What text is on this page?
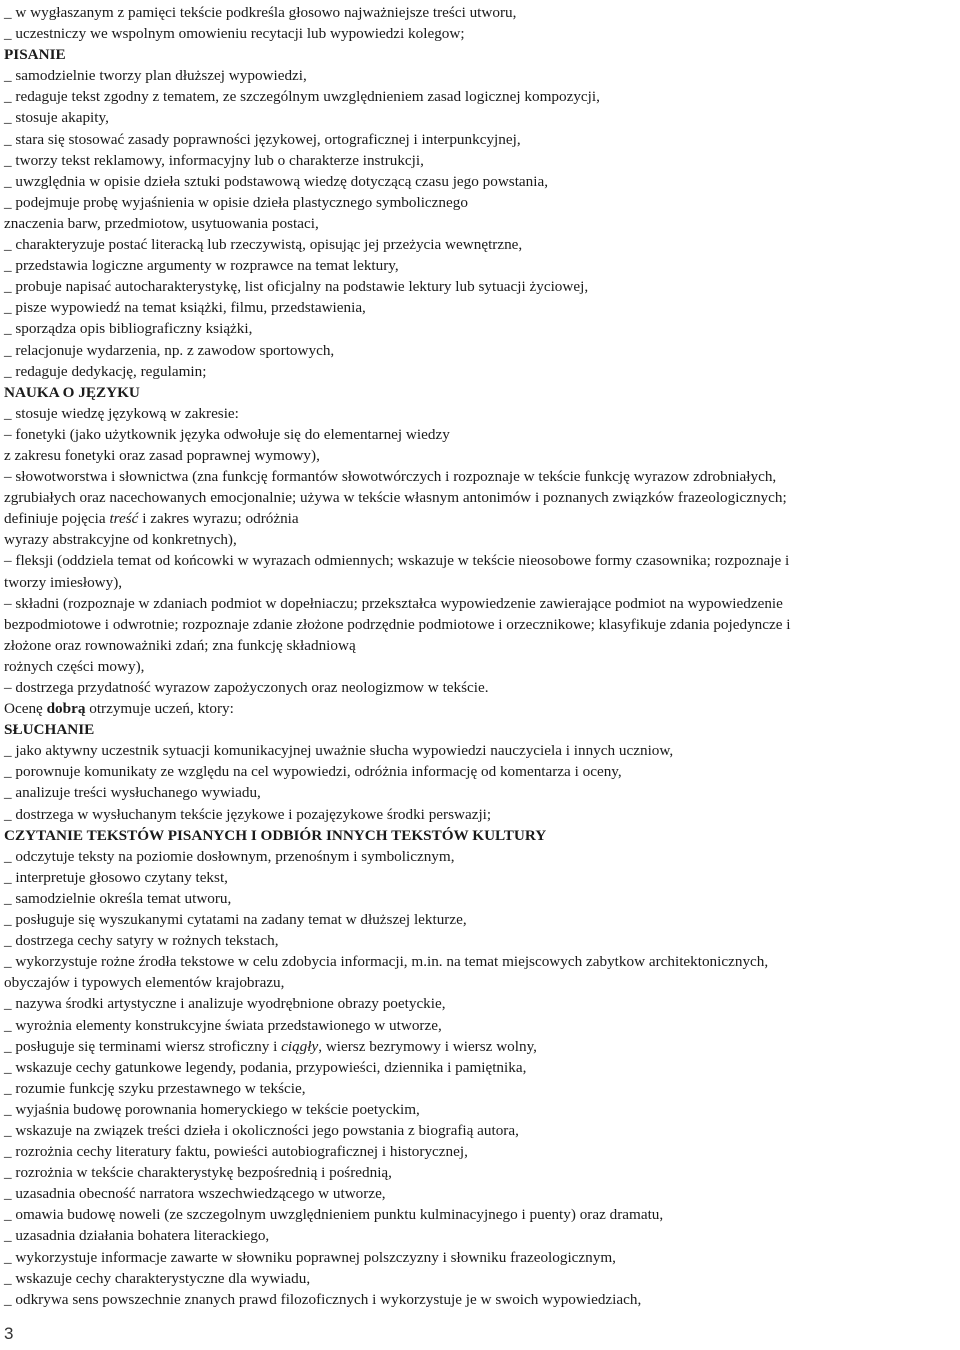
_ w wygłaszanym z pamięci tekście podkreśla głosowo najważniejsze treści utworu,
_ uczestniczy we wspolnym omowieniu recytacji lub wypowiedzi kolegow;
PISANIE
_ samodzielnie tworzy plan dłuższej wypowiedzi,
_ redaguje tekst zgodny z tematem, ze szczególnym uwzględnieniem zasad logicznej kompozycji,
_ stosuje akapity,
_ stara się stosować zasady poprawności językowej, ortograficznej i interpunkcyjnej,
_ tworzy tekst reklamowy, informacyjny lub o charakterze instrukcji,
_ uwzględnia w opisie dzieła sztuki podstawową wiedzę dotyczącą czasu jego powstania,
_ podejmuje probę wyjaśnienia w opisie dzieła plastycznego symbolicznego
znaczenia barw, przedmiotow, usytuowania postaci,
_ charakteryzuje postać literacką lub rzeczywistą, opisując jej przeżycia wewnętrzne,
_ przedstawia logiczne argumenty w rozprawce na temat lektury,
_ probuje napisać autocharakterystykę, list oficjalny na podstawie lektury lub sytuacji życiowej,
_ pisze wypowiedź na temat książki, filmu, przedstawienia,
_ sporządza opis bibliograficzny książki,
_ relacjonuje wydarzenia, np. z zawodow sportowych,
_ redaguje dedykację, regulamin;
NAUKA O JĘZYKU
_ stosuje wiedzę językową w zakresie:
– fonetyki (jako użytkownik języka odwołuje się do elementarnej wiedzy
z zakresu fonetyki oraz zasad poprawnej wymowy),
– słowotworstwa i słownictwa (zna funkcję formantów słowotwórczych i rozpoznaje w tekście funkcję wyrazow zdrobniałych,
zgrubiałych oraz nacechowanych emocjonalnie; używa w tekście własnym antonimów i poznanych związków frazeologicznych;
definiuje pojęcia treść i zakres wyrazu; odróżnia
wyrazy abstrakcyjne od konkretnych),
– fleksji (oddziela temat od końcowki w wyrazach odmiennych; wskazuje w tekście nieosobowe formy czasownika; rozpoznaje i
tworzy imiesłowy),
– składni (rozpoznaje w zdaniach podmiot w dopełniaczu; przekształca wypowiedzenie zawierające podmiot na wypowiedzenie
bezpodmiotowe i odwrotnie; rozpoznaje zdanie złożone podrzędnie podmiotowe i orzecznikowe; klasyfikuje zdania pojedyncze i
złożone oraz rownoważniki zdań; zna funkcję składniową
rożnych części mowy),
– dostrzega przydatność wyrazow zapożyczonych oraz neologizmow w tekście.
Ocenę dobrą otrzymuje uczeń, ktory:
SŁUCHANIE
_ jako aktywny uczestnik sytuacji komunikacyjnej uważnie słucha wypowiedzi nauczyciela i innych uczniow,
_ porownuje komunikaty ze względu na cel wypowiedzi, odróżnia informację od komentarza i oceny,
_ analizuje treści wysłuchanego wywiadu,
_ dostrzega w wysłuchanym tekście językowe i pozajęzykowe środki perswazji;
CZYTANIE TEKSTÓW PISANYCH I ODBIÓR INNYCH TEKSTÓW KULTURY
_ odczytuje teksty na poziomie dosłownym, przenośnym i symbolicznym,
_ interpretuje głosowo czytany tekst,
_ samodzielnie określa temat utworu,
_ posługuje się wyszukanymi cytatami na zadany temat w dłuższej lekturze,
_ dostrzega cechy satyry w rożnych tekstach,
_ wykorzystuje rożne źrodła tekstowe w celu zdobycia informacji, m.in. na temat miejscowych zabytkow architektonicznych,
obyczajów i typowych elementów krajobrazu,
_ nazywa środki artystyczne i analizuje wyodrębnione obrazy poetyckie,
_ wyrożnia elementy konstrukcyjne świata przedstawionego w utworze,
_ posługuje się terminami wiersz stroficzny i ciągły, wiersz bezrymowy i wiersz wolny,
_ wskazuje cechy gatunkowe legendy, podania, przypowieści, dziennika i pamiętnika,
_ rozumie funkcję szyku przestawnego w tekście,
_ wyjaśnia budowę porownania homeryckiego w tekście poetyckim,
_ wskazuje na związek treści dzieła i okoliczności jego powstania z biografią autora,
_ rozrożnia cechy literatury faktu, powieści autobiograficznej i historycznej,
_ rozrożnia w tekście charakterystykę bezpośrednią i pośrednią,
_ uzasadnia obecność narratora wszechwiedzącego w utworze,
_ omawia budowę noweli (ze szczegolnym uwzględnieniem punktu kulminacyjnego i puenty) oraz dramatu,
_ uzasadnia działania bohatera literackiego,
_ wykorzystuje informacje zawarte w słowniku poprawnej polszczyzny i słowniku frazeologicznym,
_ wskazuje cechy charakterystyczne dla wywiadu,
_ odkrywa sens powszechnie znanych prawd filozoficznych i wykorzystuje je w swoich wypowiedziach,
3
